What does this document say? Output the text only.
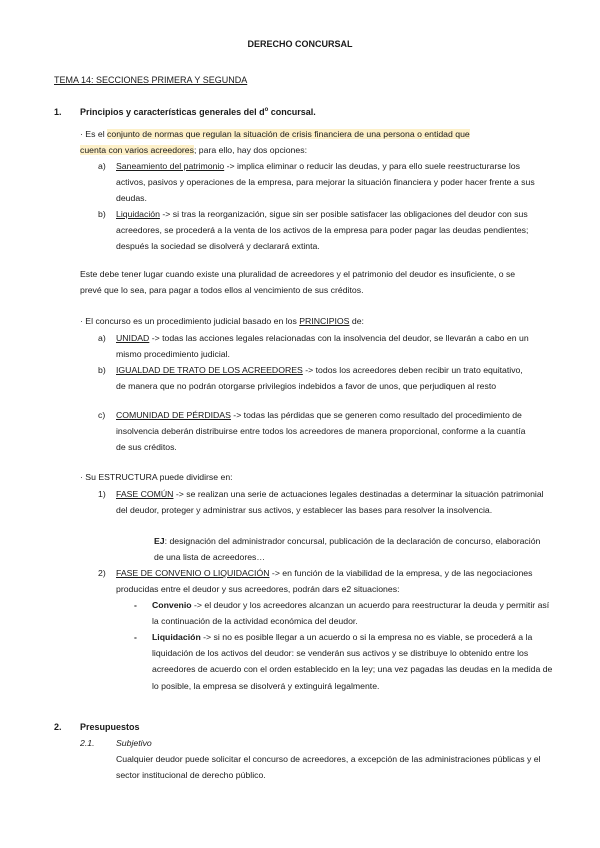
DERECHO CONCURSAL
TEMA 14: SECCIONES PRIMERA Y SEGUNDA
1. Principios y características generales del $d^o$ concursal.
· Es el conjunto de normas que regulan la situación de crisis financiera de una persona o entidad que
cuenta con varios acreedores; para ello, hay dos opciones:
a) Saneamiento del patrimonio -> implica eliminar o reducir las deudas, y para ello suele reestructurarse los activos, pasivos y operaciones de la empresa, para mejorar la situación financiera y poder hacer frente a sus deudas.

b) Liquidación -> si tras la reorganización, sigue sin ser posible satisfacer las obligaciones del deudor con sus acreedores, se procederá a la venta de los activos de la empresa para poder pagar las deudas pendientes; después la sociedad se disolverá y declarará extinta.

Este debe tener lugar cuando existe una pluralidad de acreedores y el patrimonio del deudor es insuficiente, o se prevé que lo sea, para pagar a todos ellos al vencimiento de sus créditos.
· El concurso es un procedimiento judicial basado en los PRINCIPIOS de:
a) UNIDAD -> todas las acciones legales relacionadas con la insolvencia del deudor, se llevarán a cabo en un mismo procedimiento judicial.

b) IGUALDAD DE TRATO DE LOS ACREEDORES -> todos los acreedores deben recibir un trato equitativo, de manera que no podrán otorgarse privilegios indebidos a favor de unos, que perjudiquen al resto

c) COMUNIDAD DE PÉRDIDAS -> todas las pérdidas que se generen como resultado del procedimiento de insolvencia deberán distribuirse entre todos los acreedores de manera proporcional, conforme a la cuantía de sus créditos.

· Su ESTRUCTURA puede dividirse en:
1) FASE COMÚN -> se realizan una serie de actuaciones legales destinadas a determinar la situación patrimonial del deudor, proteger y administrar sus activos, y establecer las bases para resolver la insolvencia.

EJ: designación del administrador concursal, publicación de la declaración de concurso, elaboración de una lista de acreedores…
2) FASE DE CONVENIO O LIQUIDACIÓN -> en función de la viabilidad de la empresa, y de las negociaciones producidas entre el deudor y sus acreedores, podrán dars e2 situaciones:

- Convenio -> el deudor y los acreedores alcanzan un acuerdo para reestructurar la deuda y permitir así la continuación de la actividad económica del deudor.

- Liquidación -> si no es posible llegar a un acuerdo o si la empresa no es viable, se procederá a la liquidación de los activos del deudor: se venderán sus activos y se distribuye lo obtenido entre los acreedores de acuerdo con el orden establecido en la ley; una vez pagadas las deudas en la medida de lo posible, la empresa se disolverá y extinguirá legalmente.

2. Presupuestos
2.1.	Subjetivo
Cualquier deudor puede solicitar el concurso de acreedores, a excepción de las administraciones públicas y el sector institucional de derecho público.
